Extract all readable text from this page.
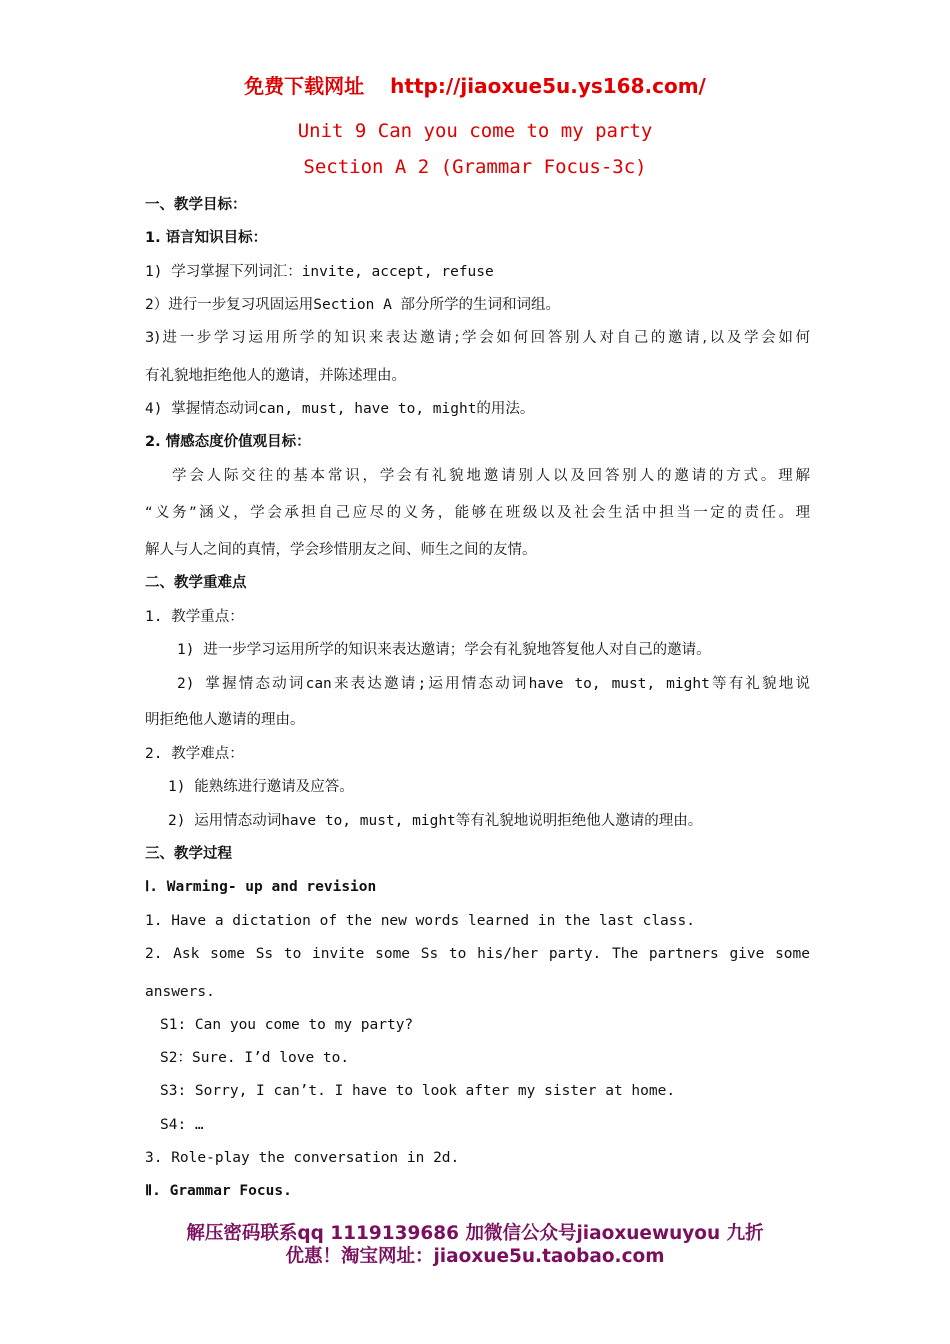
免费下载网址 http://jiaoxue5u.ys168.com/
Unit 9 Can you come to my party
Section A 2 (Grammar Focus-3c)
一、教学目标：
1. 语言知识目标：
1) 学习掌握下列词汇：invite, accept, refuse
2）进行一步复习巩固运用Section A 部分所学的生词和词组。
3)进一步学习运用所学的知识来表达邀请;学会如何回答别人对自己的邀请,以及学会如何
有礼貌地拒绝他人的邀请，并陈述理由。
4) 掌握情态动词can, must, have to, might的用法。
2. 情感态度价值观目标：
学会人际交往的基本常识，学会有礼貌地邀请别人以及回答别人的邀请的方式。理解
“义务”涵义，学会承担自己应尽的义务，能够在班级以及社会生活中担当一定的责任。理
解人与人之间的真情，学会珍惜朋友之间、师生之间的友情。
二、教学重难点
1. 教学重点：
1) 进一步学习运用所学的知识来表达邀请；学会有礼貌地答复他人对自己的邀请。
2) 掌握情态动词can来表达邀请;运用情态动词have to, must, might等有礼貌地说
明拒绝他人邀请的理由。
2. 教学难点：
1) 能熟练进行邀请及应答。
2) 运用情态动词have to, must, might等有礼貌地说明拒绝他人邀请的理由。
三、教学过程
Ⅰ. Warming- up and revision
1. Have a dictation of the new words learned in the last class.
2. Ask some Ss to invite some Ss to his/her party. The partners give some
answers.
S1: Can you come to my party?
S2：Sure. I’d love to.
S3: Sorry, I can’t. I have to look after my sister at home.
S4: …
3. Role-play the conversation in 2d.
Ⅱ. Grammar Focus.
解压密码联系qq 1119139686 加微信公众号jiaoxuewuyou 九折
优惠！淘宝网址：jiaoxue5u.taobao.com
